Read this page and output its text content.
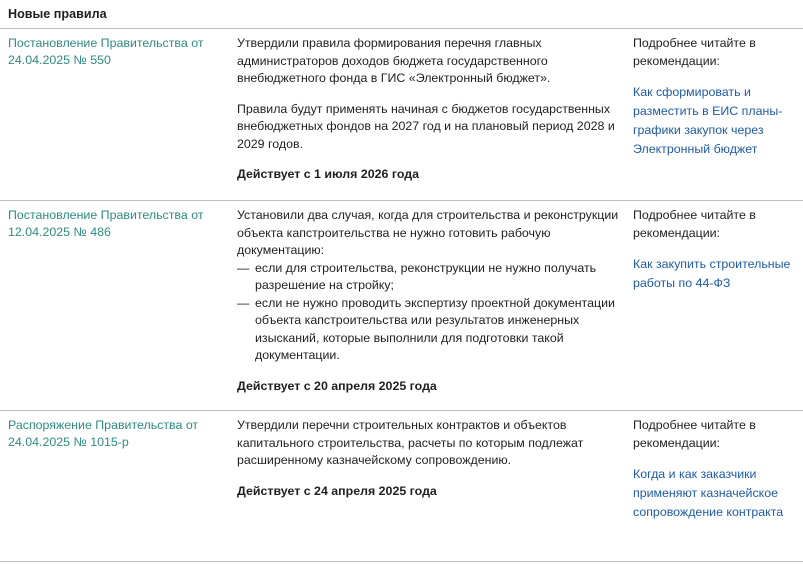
Новые правила
Постановление Правительства от 24.04.2025 № 550

Утвердили правила формирования перечня главных администраторов доходов бюджета государственного внебюджетного фонда в ГИС «Электронный бюджет».

Правила будут применять начиная с бюджетов государственных внебюджетных фондов на 2027 год и на плановый период 2028 и 2029 годов.

Действует с 1 июля 2026 года
Подробнее читайте в рекомендации:
Как сформировать и разместить в ЕИС планы-графики закупок через Электронный бюджет
Постановление Правительства от 12.04.2025 № 486

Установили два случая, когда для строительства и реконструкции объекта капстроительства не нужно готовить рабочую документацию:

— если для строительства, реконструкции не нужно получать разрешение на стройку;
— если не нужно проводить экспертизу проектной документации объекта капстроительства или результатов инженерных изысканий, которые выполнили для подготовки такой документации.
Действует с 20 апреля 2025 года
Подробнее читайте в рекомендации:
Как закупить строительные работы по 44-ФЗ
Распоряжение Правительства от 24.04.2025 № 1015-р

Утвердили перечни строительных контрактов и объектов капитального строительства, расчеты по которым подлежат расширенному казначейскому сопровождению.

Действует с 24 апреля 2025 года
Подробнее читайте в рекомендации:
Когда и как заказчики применяют казначейское сопровождение контракта
